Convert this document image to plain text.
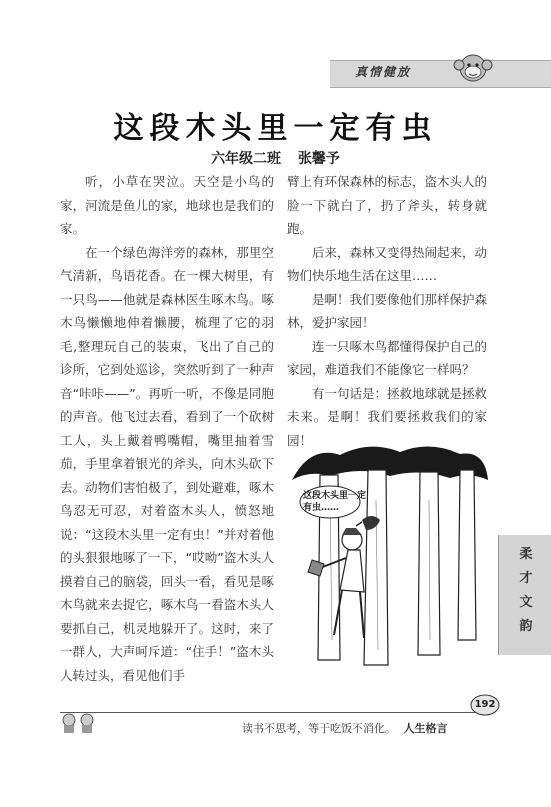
真情健放
这段木头里一定有虫
六年级二班 张馨予

听，小草在哭泣。天空是小鸟的家，河流是鱼儿的家，地球也是我们的家。

在一个绿色海洋旁的森林，那里空气清新，鸟语花香。在一棵大树里，有一只鸟——他就是森林医生啄木鸟。啄木鸟懒懒地伸着懒腰，梳理了它的羽毛,整理玩自己的装束，飞出了自己的诊所，它到处巡诊，突然听到了一种声音“咔咔——”。再听一听，不像是同胞的声音。他飞过去看，看到了一个砍树工人，头上戴着鸭嘴帽，嘴里抽着雪茄，手里拿着银光的斧头，向木头砍下去。动物们害怕极了，到处避难，啄木鸟忍无可忍，对着盗木头人，愤怒地说：“这段木头里一定有虫！”并对着他的头狠狠地啄了一下，“哎呦”盗木头人摸着自己的脑袋，回头一看，看见是啄木鸟就来去捉它，啄木鸟一看盗木头人要抓自己，机灵地躲开了。这时，来了一群人，大声呵斥道：“住手！”盗木头人转过头，看见他们手

臂上有环保森林的标志，盗木头人的脸一下就白了，扔了斧头，转身就跑。

后来，森林又变得热闹起来，动物们快乐地生活在这里……

是啊！我们要像他们那样保护森林，爱护家园！

连一只啄木鸟都懂得保护自己的家园，难道我们不能像它一样吗？

有一句话是：拯救地球就是拯救未来。是啊！我们要拯救我们的家园！

这段木头里一定有虫……
柔
才
文
韵
192
读书不思考，等于吃饭不消化。 人生格言
